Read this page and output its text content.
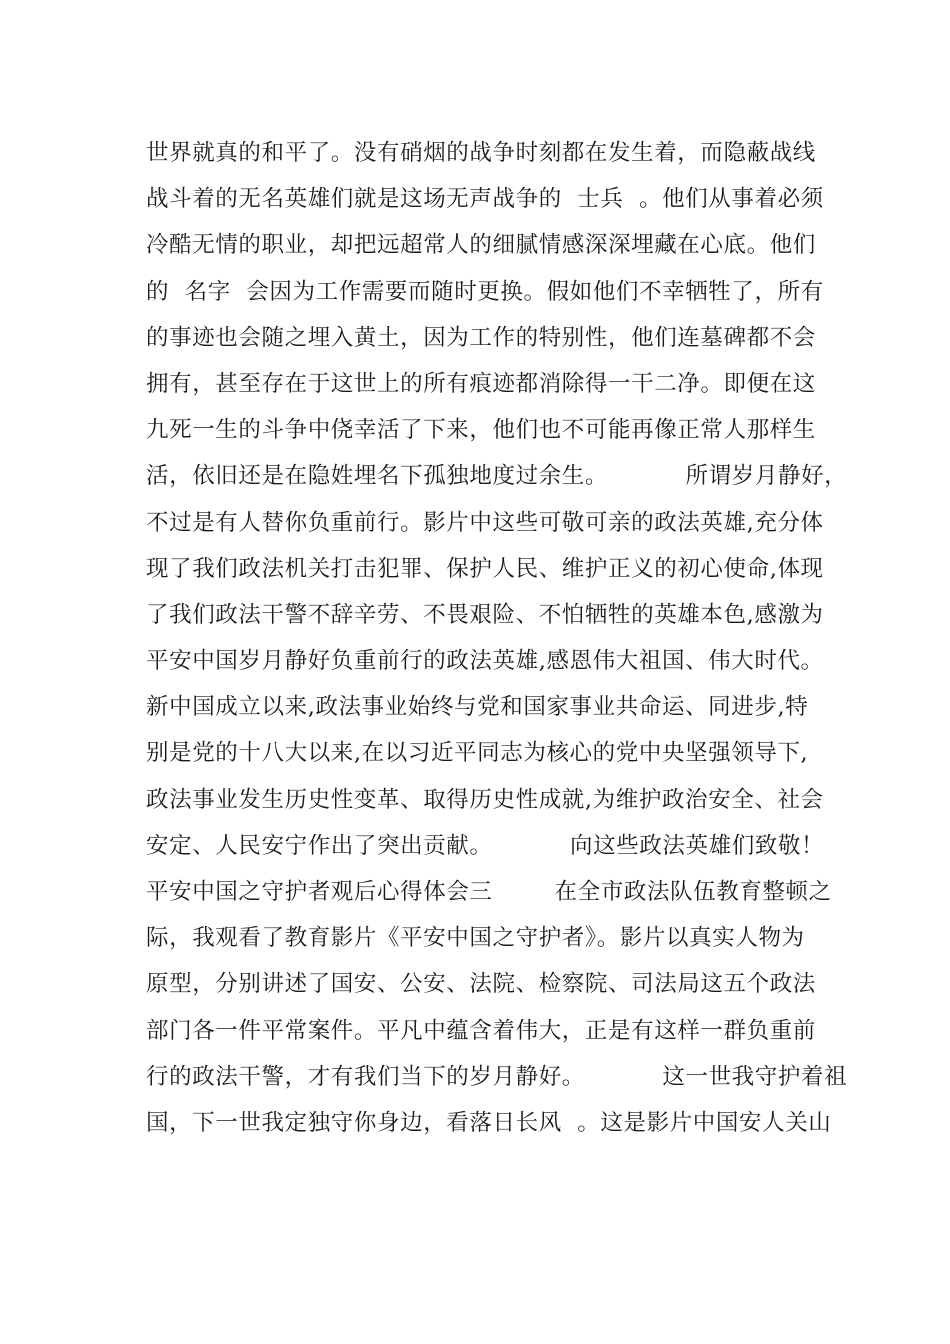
世界就真的和平了。没有硝烟的战争时刻都在发生着，而隐蔽战线
战斗着的无名英雄们就是这场无声战争的  士兵  。他们从事着必须
冷酷无情的职业，却把远超常人的细腻情感深深埋藏在心底。他们
的  名字  会因为工作需要而随时更换。假如他们不幸牺牲了，所有
的事迹也会随之埋入黄土，因为工作的特别性，他们连墓碑都不会
拥有，甚至存在于这世上的所有痕迹都消除得一干二净。即便在这
九死一生的斗争中侥幸活了下来，他们也不可能再像正常人那样生
活，依旧还是在隐姓埋名下孤独地度过余生。          所谓岁月静好，
不过是有人替你负重前行。影片中这些可敬可亲的政法英雄,充分体
现了我们政法机关打击犯罪、保护人民、维护正义的初心使命,体现
了我们政法干警不辞辛劳、不畏艰险、不怕牺牲的英雄本色,感激为
平安中国岁月静好负重前行的政法英雄,感恩伟大祖国、伟大时代。
新中国成立以来,政法事业始终与党和国家事业共命运、同进步,特
别是党的十八大以来,在以习近平同志为核心的党中央坚强领导下,
政法事业发生历史性变革、取得历史性成就,为维护政治安全、社会
安定、人民安宁作出了突出贡献。          向这些政法英雄们致敬！
平安中国之守护者观后心得体会三        在全市政法队伍教育整顿之
际，我观看了教育影片《平安中国之守护者》。影片以真实人物为
原型，分别讲述了国安、公安、法院、检察院、司法局这五个政法
部门各一件平常案件。平凡中蕴含着伟大，正是有这样一群负重前
行的政法干警，才有我们当下的岁月静好。          这一世我守护着祖
国，下一世我定独守你身边，看落日长风  。这是影片中国安人关山
